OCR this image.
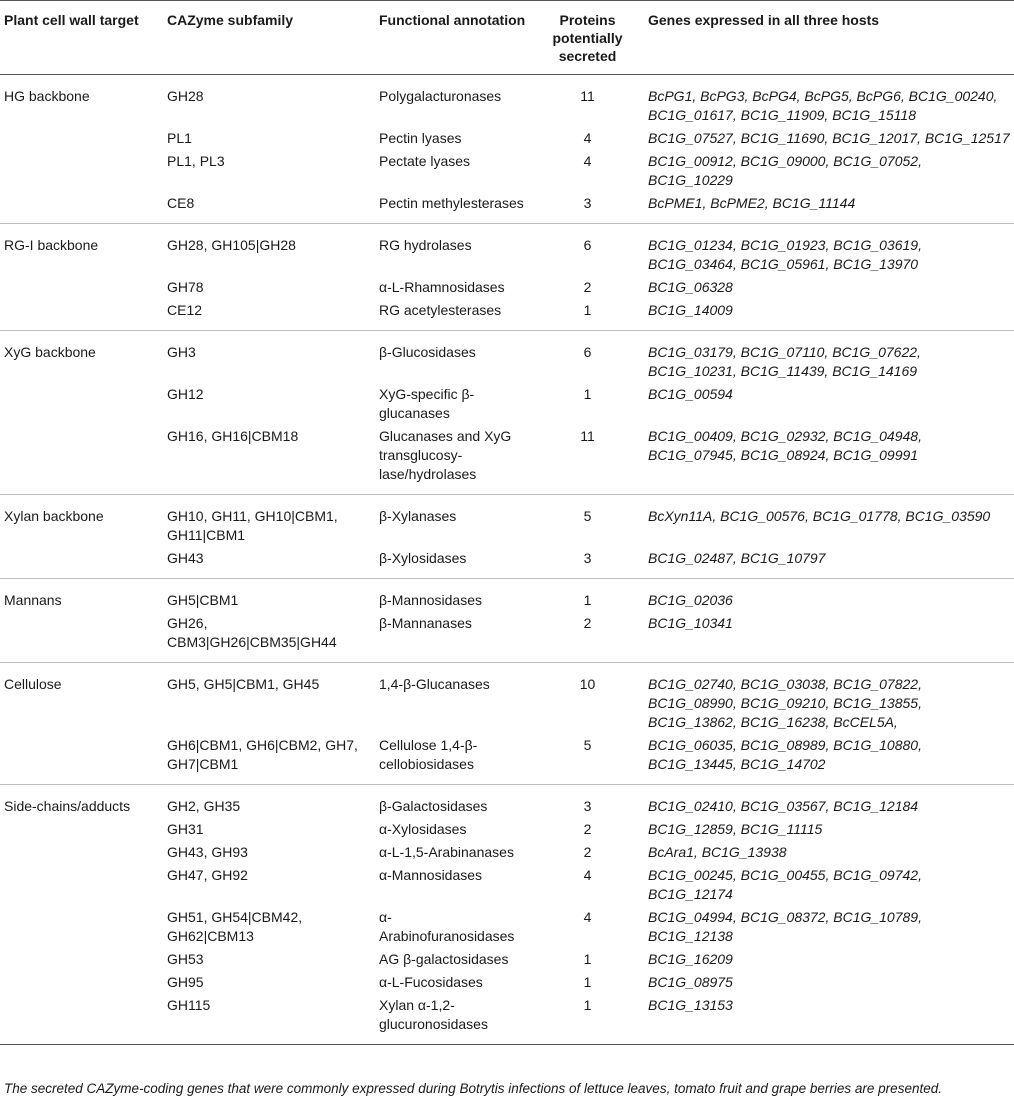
Plant cell wall target	CAZyme subfamily	Functional annotation	Proteins potentially secreted	Genes expressed in all three hosts
HG backbone	GH28	Polygalacturonases	11	BcPG1, BcPG3, BcPG4, BcPG5, BcPG6, BC1G_00240, BC1G_01617, BC1G_11909, BC1G_15118
	PL1	Pectin lyases	4	BC1G_07527, BC1G_11690, BC1G_12017, BC1G_12517
	PL1, PL3	Pectate lyases	4	BC1G_00912, BC1G_09000, BC1G_07052, BC1G_10229
	CE8	Pectin methylesterases	3	BcPME1, BcPME2, BC1G_11144
RG-I backbone	GH28, GH105|GH28	RG hydrolases	6	BC1G_01234, BC1G_01923, BC1G_03619, BC1G_03464, BC1G_05961, BC1G_13970
	GH78	α-L-Rhamnosidases	2	BC1G_06328
	CE12	RG acetylesterases	1	BC1G_14009
XyG backbone	GH3	β-Glucosidases	6	BC1G_03179, BC1G_07110, BC1G_07622, BC1G_10231, BC1G_11439, BC1G_14169
	GH12	XyG-specific β-glucanases	1	BC1G_00594
	GH16, GH16|CBM18	Glucanases and XyG transglucosy-lase/hydrolases	11	BC1G_00409, BC1G_02932, BC1G_04948, BC1G_07945, BC1G_08924, BC1G_09991
Xylan backbone	GH10, GH11, GH10|CBM1, GH11|CBM1	β-Xylanases	5	BcXyn11A, BC1G_00576, BC1G_01778, BC1G_03590
	GH43	β-Xylosidases	3	BC1G_02487, BC1G_10797
Mannans	GH5|CBM1	β-Mannosidases	1	BC1G_02036
	GH26, CBM3|GH26|CBM35|GH44	β-Mannanases	2	BC1G_10341
Cellulose	GH5, GH5|CBM1, GH45	1,4-β-Glucanases	10	BC1G_02740, BC1G_03038, BC1G_07822, BC1G_08990, BC1G_09210, BC1G_13855, BC1G_13862, BC1G_16238, BcCEL5A,
	GH6|CBM1, GH6|CBM2, GH7, GH7|CBM1	Cellulose 1,4-β-cellobiosidases	5	BC1G_06035, BC1G_08989, BC1G_10880, BC1G_13445, BC1G_14702
Side-chains/adducts	GH2, GH35	β-Galactosidases	3	BC1G_02410, BC1G_03567, BC1G_12184
	GH31	α-Xylosidases	2	BC1G_12859, BC1G_11115
	GH43, GH93	α-L-1,5-Arabinanases	2	BcAra1, BC1G_13938
	GH47, GH92	α-Mannosidases	4	BC1G_00245, BC1G_00455, BC1G_09742, BC1G_12174
	GH51, GH54|CBM42, GH62|CBM13	α-Arabinofuranosidases	4	BC1G_04994, BC1G_08372, BC1G_10789, BC1G_12138
	GH53	AG β-galactosidases	1	BC1G_16209
	GH95	α-L-Fucosidases	1	BC1G_08975
	GH115	Xylan α-1,2-glucuronosidases	1	BC1G_13153
The secreted CAZyme-coding genes that were commonly expressed during Botrytis infections of lettuce leaves, tomato fruit and grape berries are presented.
